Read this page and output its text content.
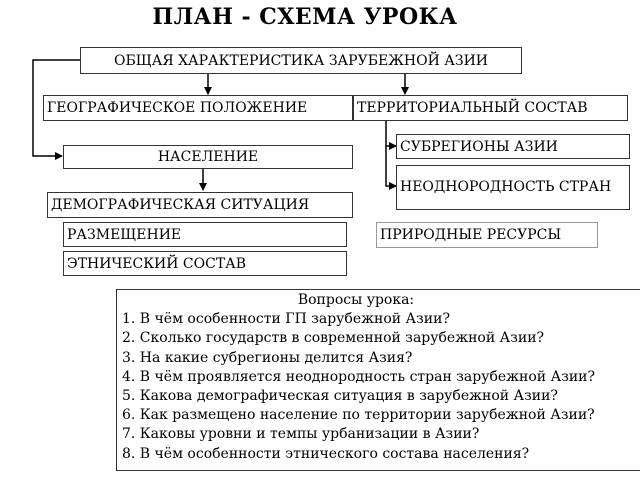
ПЛАН - СХЕМА УРОКА
ОБЩАЯ ХАРАКТЕРИСТИКА ЗАРУБЕЖНОЙ АЗИИ
ГЕОГРАФИЧЕСКОЕ ПОЛОЖЕНИЕ	ТЕРРИТОРИАЛЬНЫЙ СОСТАВ
СУБРЕГИОНЫ АЗИИ
НАСЕЛЕНИЕ
НЕОДНОРОДНОСТЬ СТРАН
ДЕМОГРАФИЧЕСКАЯ СИТУАЦИЯ
РАЗМЕЩЕНИЕ	ПРИРОДНЫЕ РЕСУРСЫ
ЭТНИЧЕСКИЙ СОСТАВ
Вопросы урока:
1. В чём особенности ГП зарубежной Азии?
2. Сколько государств в современной зарубежной Азии?
3. На какие субрегионы делится Азия?
4. В чём проявляется неоднородность стран зарубежной Азии?
5. Какова демографическая ситуация в зарубежной Азии?
6. Как размещено население по территории зарубежной Азии?
7. Каковы уровни и темпы урбанизации в Азии?
8. В чём особенности этнического состава населения?
